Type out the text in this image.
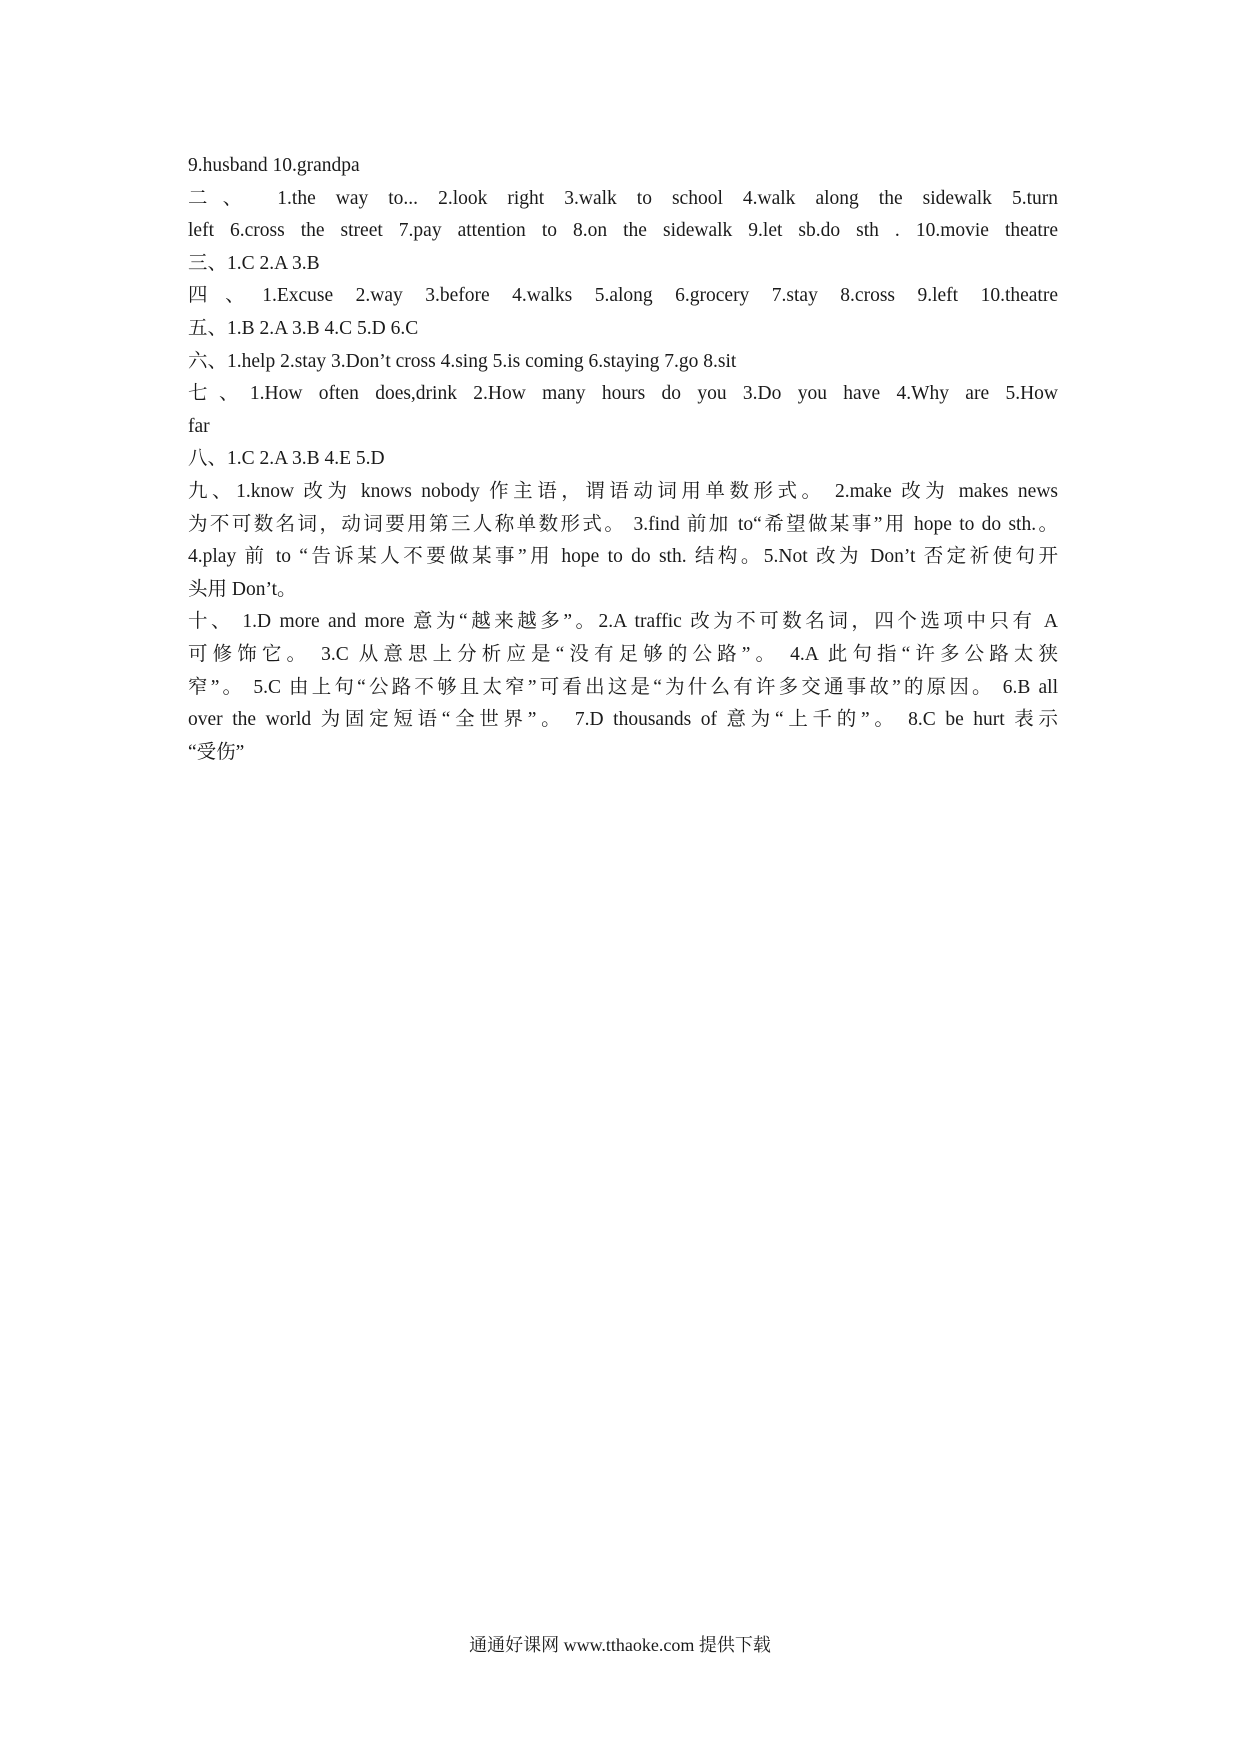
9.husband 10.grandpa
二、 1.the way to... 2.look right 3.walk to school 4.walk along the sidewalk 5.turn
left 6.cross the street 7.pay attention to 8.on the sidewalk 9.let sb.do sth . 10.movie theatre
三、1.C 2.A 3.B
四、1.Excuse 2.way 3.before 4.walks 5.along 6.grocery 7.stay 8.cross 9.left 10.theatre
五、1.B 2.A 3.B 4.C 5.D 6.C
六、1.help 2.stay 3.Don’t cross 4.sing 5.is coming 6.staying 7.go 8.sit
七、1.How often does,drink 2.How many hours do you 3.Do you have 4.Why are 5.How
far
八、1.C 2.A 3.B 4.E 5.D
九、1.know 改为 knows nobody 作主语，谓语动词用单数形式。 2.make 改为 makes news
为不可数名词，动词要用第三人称单数形式。 3.find 前加 to“希望做某事”用 hope to do sth.。
4.play 前 to “告诉某人不要做某事”用 hope to do sth. 结构。5.Not 改为 Don’t 否定祈使句开
头用 Don’t。
十、 1.D more and more 意为“越来越多”。2.A traffic 改为不可数名词，四个选项中只有 A
可修饰它。 3.C 从意思上分析应是“没有足够的公路”。 4.A 此句指“许多公路太狭
窄”。 5.C 由上句“公路不够且太窄”可看出这是“为什么有许多交通事故”的原因。 6.B all
over the world 为固定短语“全世界”。 7.D thousands of 意为“上千的”。 8.C be hurt 表示
“受伤”
通通好课网 www.tthaoke.com 提供下载
